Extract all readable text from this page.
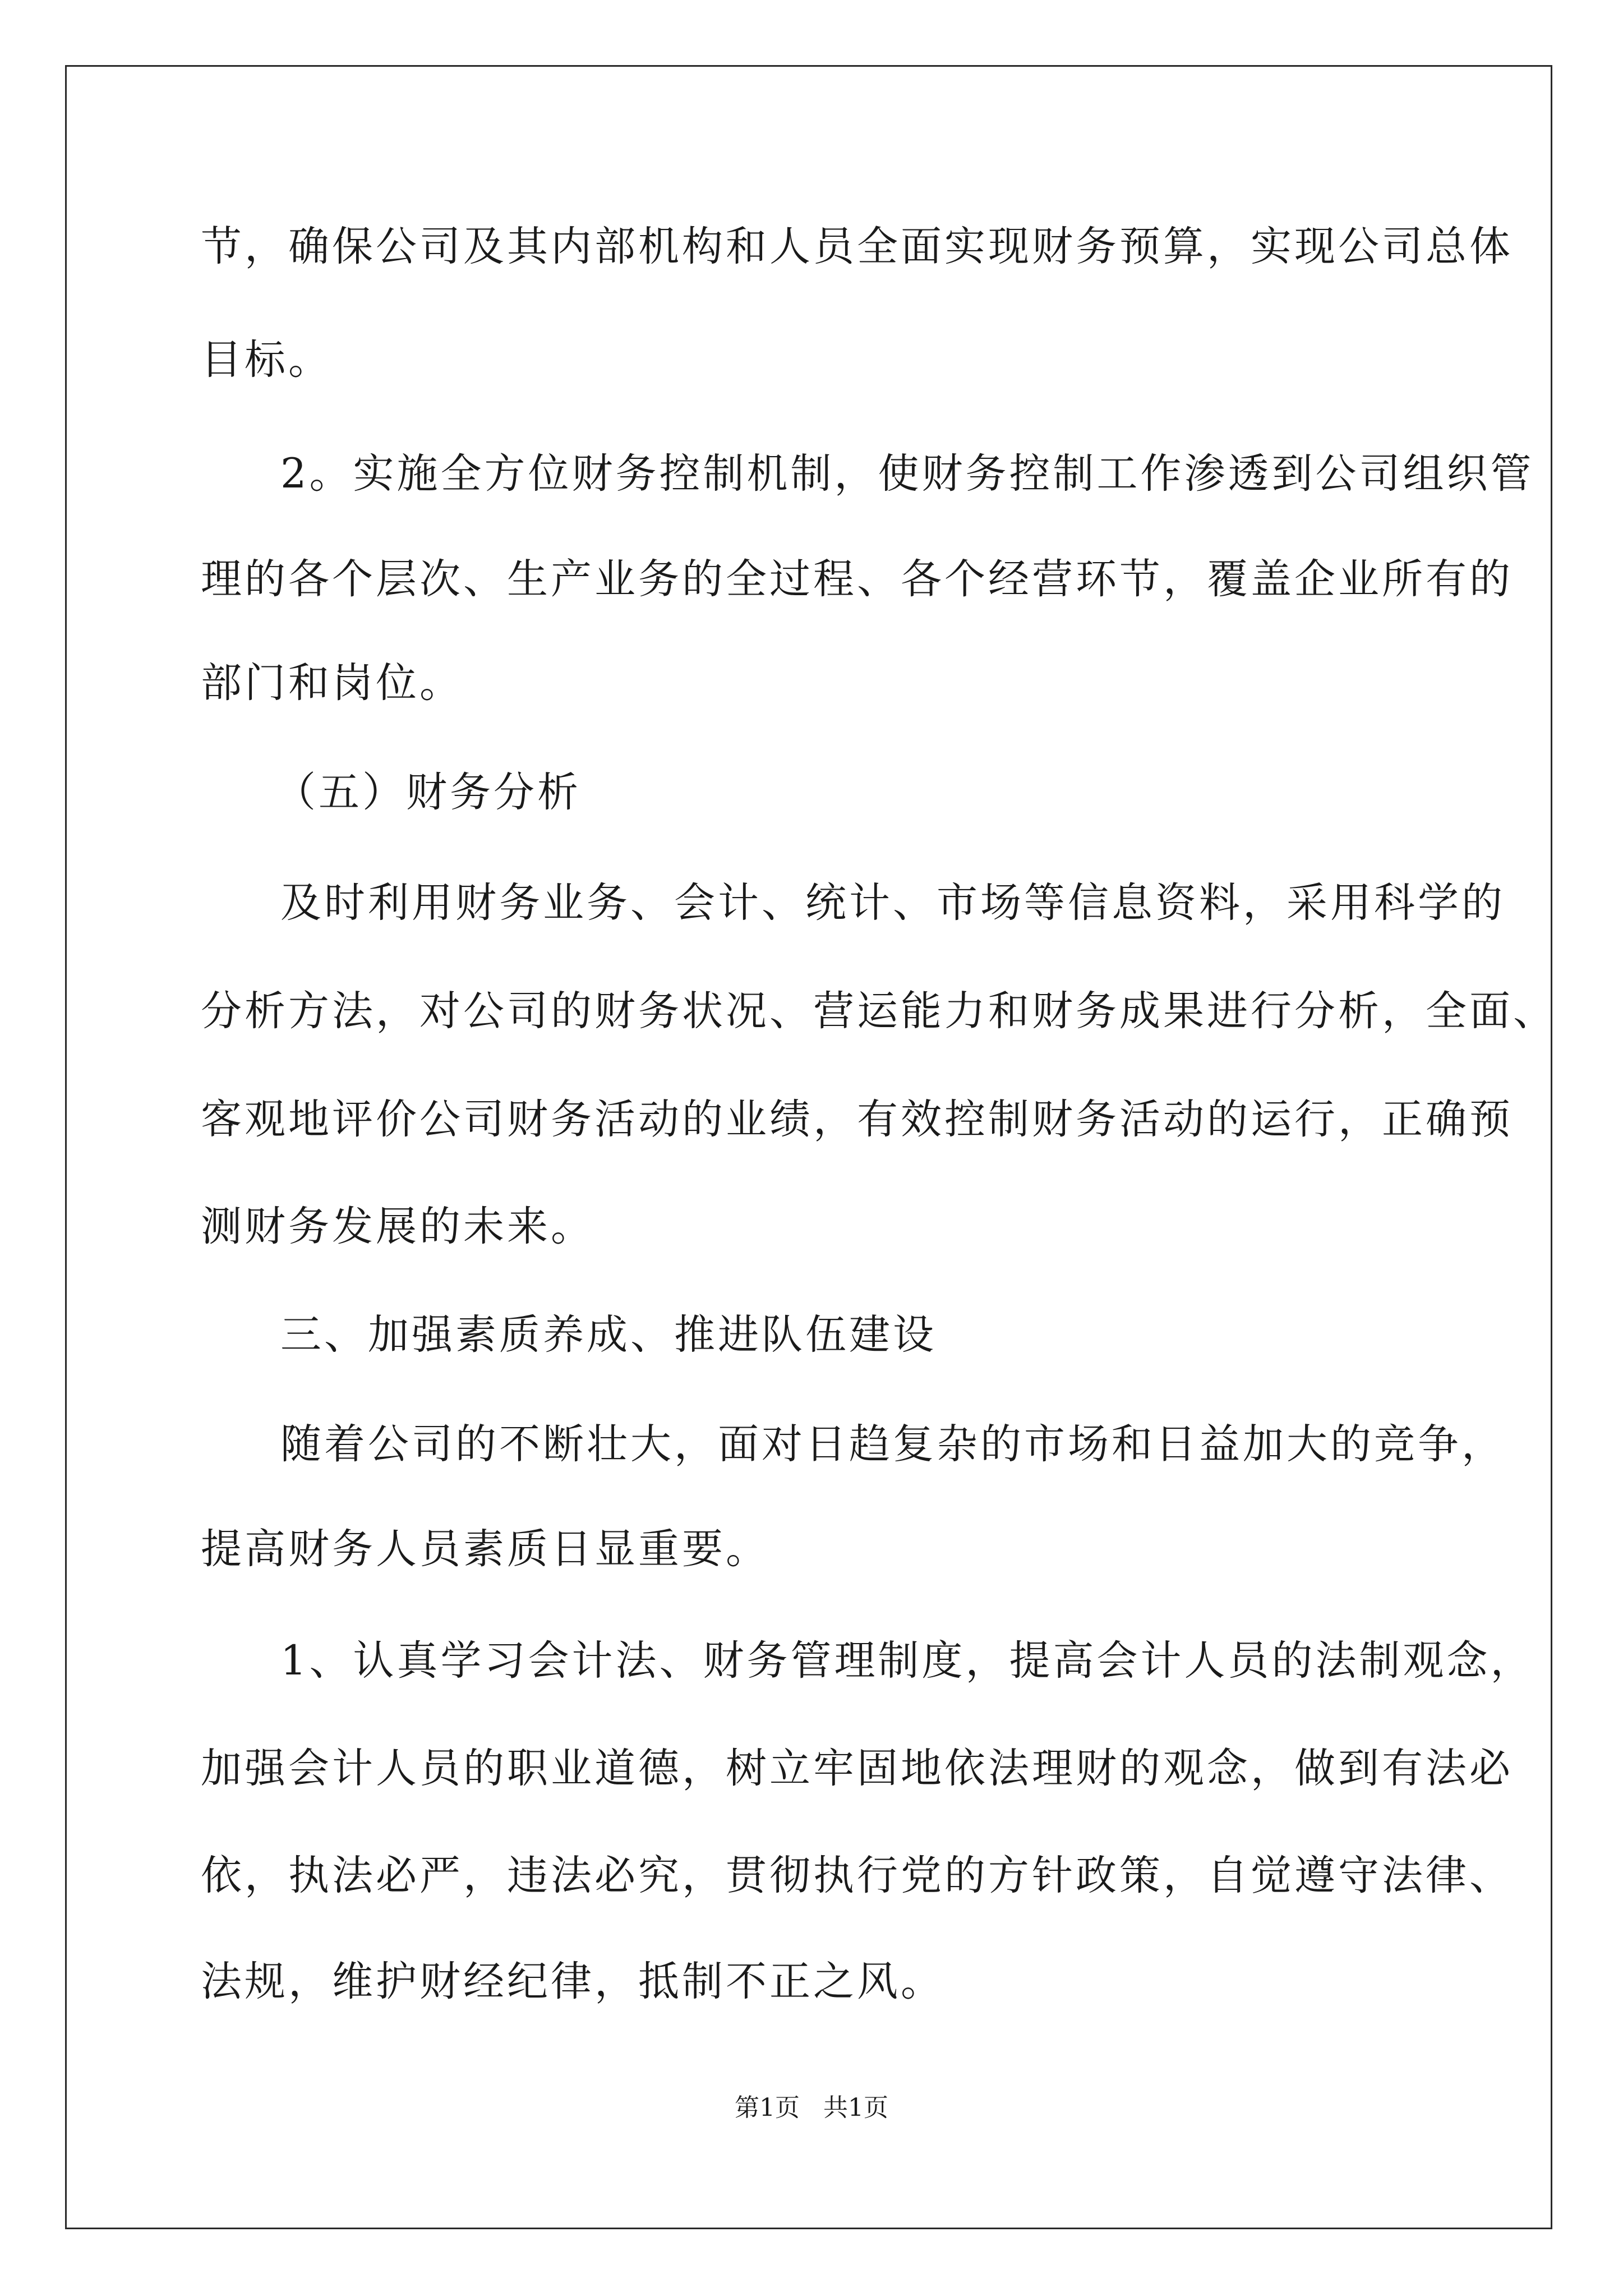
节，确保公司及其内部机构和人员全面实现财务预算，实现公司总体
目标。
2。实施全方位财务控制机制，使财务控制工作渗透到公司组织管
理的各个层次、生产业务的全过程、各个经营环节，覆盖企业所有的
部门和岗位。
（五）财务分析
及时利用财务业务、会计、统计、市场等信息资料，采用科学的
分析方法，对公司的财务状况、营运能力和财务成果进行分析，全面、
客观地评价公司财务活动的业绩，有效控制财务活动的运行，正确预
测财务发展的未来。
三、加强素质养成、推进队伍建设
随着公司的不断壮大，面对日趋复杂的市场和日益加大的竞争，
提高财务人员素质日显重要。
1、认真学习会计法、财务管理制度，提高会计人员的法制观念，
加强会计人员的职业道德，树立牢固地依法理财的观念，做到有法必
依，执法必严，违法必究，贯彻执行党的方针政策，自觉遵守法律、
法规，维护财经纪律，抵制不正之风。
第1页   共1页
